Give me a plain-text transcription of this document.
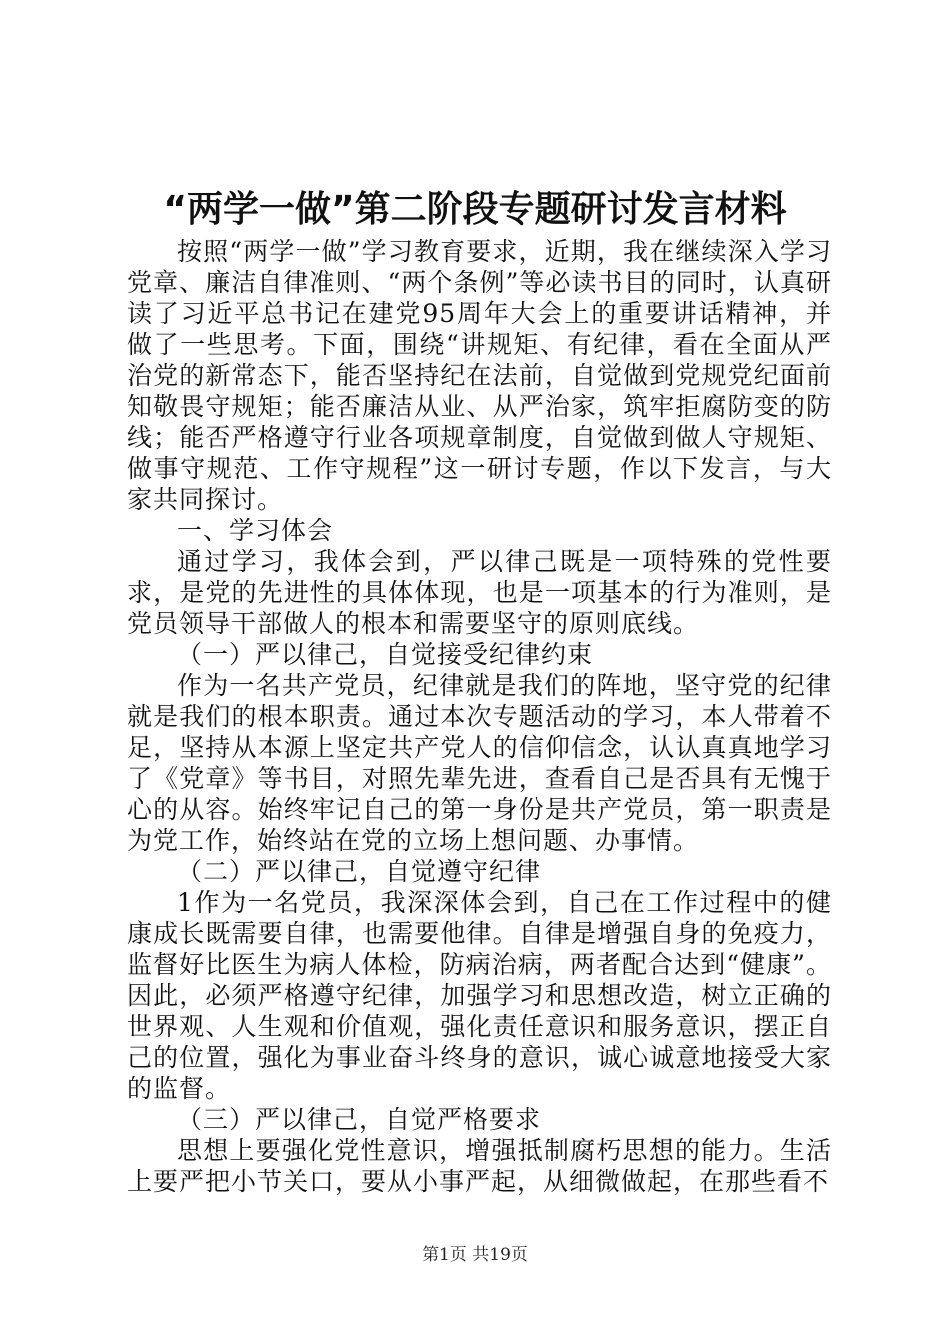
“两学一做”第二阶段专题研讨发言材料

按照“两学一做”学习教育要求，近期，我在继续深入学习党章、廉洁自律准则、“两个条例”等必读书目的同时，认真研读了习近平总书记在建党95周年大会上的重要讲话精神，并做了一些思考。下面，围绕“讲规矩、有纪律，看在全面从严治党的新常态下，能否坚持纪在法前，自觉做到党规党纪面前知敬畏守规矩；能否廉洁从业、从严治家，筑牢拒腐防变的防线；能否严格遵守行业各项规章制度，自觉做到做人守规矩、做事守规范、工作守规程”这一研讨专题，作以下发言，与大家共同探讨。

一、学习体会

通过学习，我体会到，严以律己既是一项特殊的党性要求，是党的先进性的具体体现，也是一项基本的行为准则，是党员领导干部做人的根本和需要坚守的原则底线。

（一）严以律己，自觉接受纪律约束

作为一名共产党员，纪律就是我们的阵地，坚守党的纪律就是我们的根本职责。通过本次专题活动的学习，本人带着不足，坚持从本源上坚定共产党人的信仰信念，认认真真地学习了《党章》等书目，对照先辈先进，查看自己是否具有无愧于心的从容。始终牢记自己的第一身份是共产党员，第一职责是为党工作，始终站在党的立场上想问题、办事情。

（二）严以律己，自觉遵守纪律

1作为一名党员，我深深体会到，自己在工作过程中的健康成长既需要自律，也需要他律。自律是增强自身的免疫力，监督好比医生为病人体检，防病治病，两者配合达到“健康”。因此，必须严格遵守纪律，加强学习和思想改造，树立正确的世界观、人生观和价值观，强化责任意识和服务意识，摆正自己的位置，强化为事业奋斗终身的意识，诚心诚意地接受大家的监督。

（三）严以律己，自觉严格要求

思想上要强化党性意识，增强抵制腐朽思想的能力。生活上要严把小节关口，要从小事严起，从细微做起，在那些看不

第1页 共19页
